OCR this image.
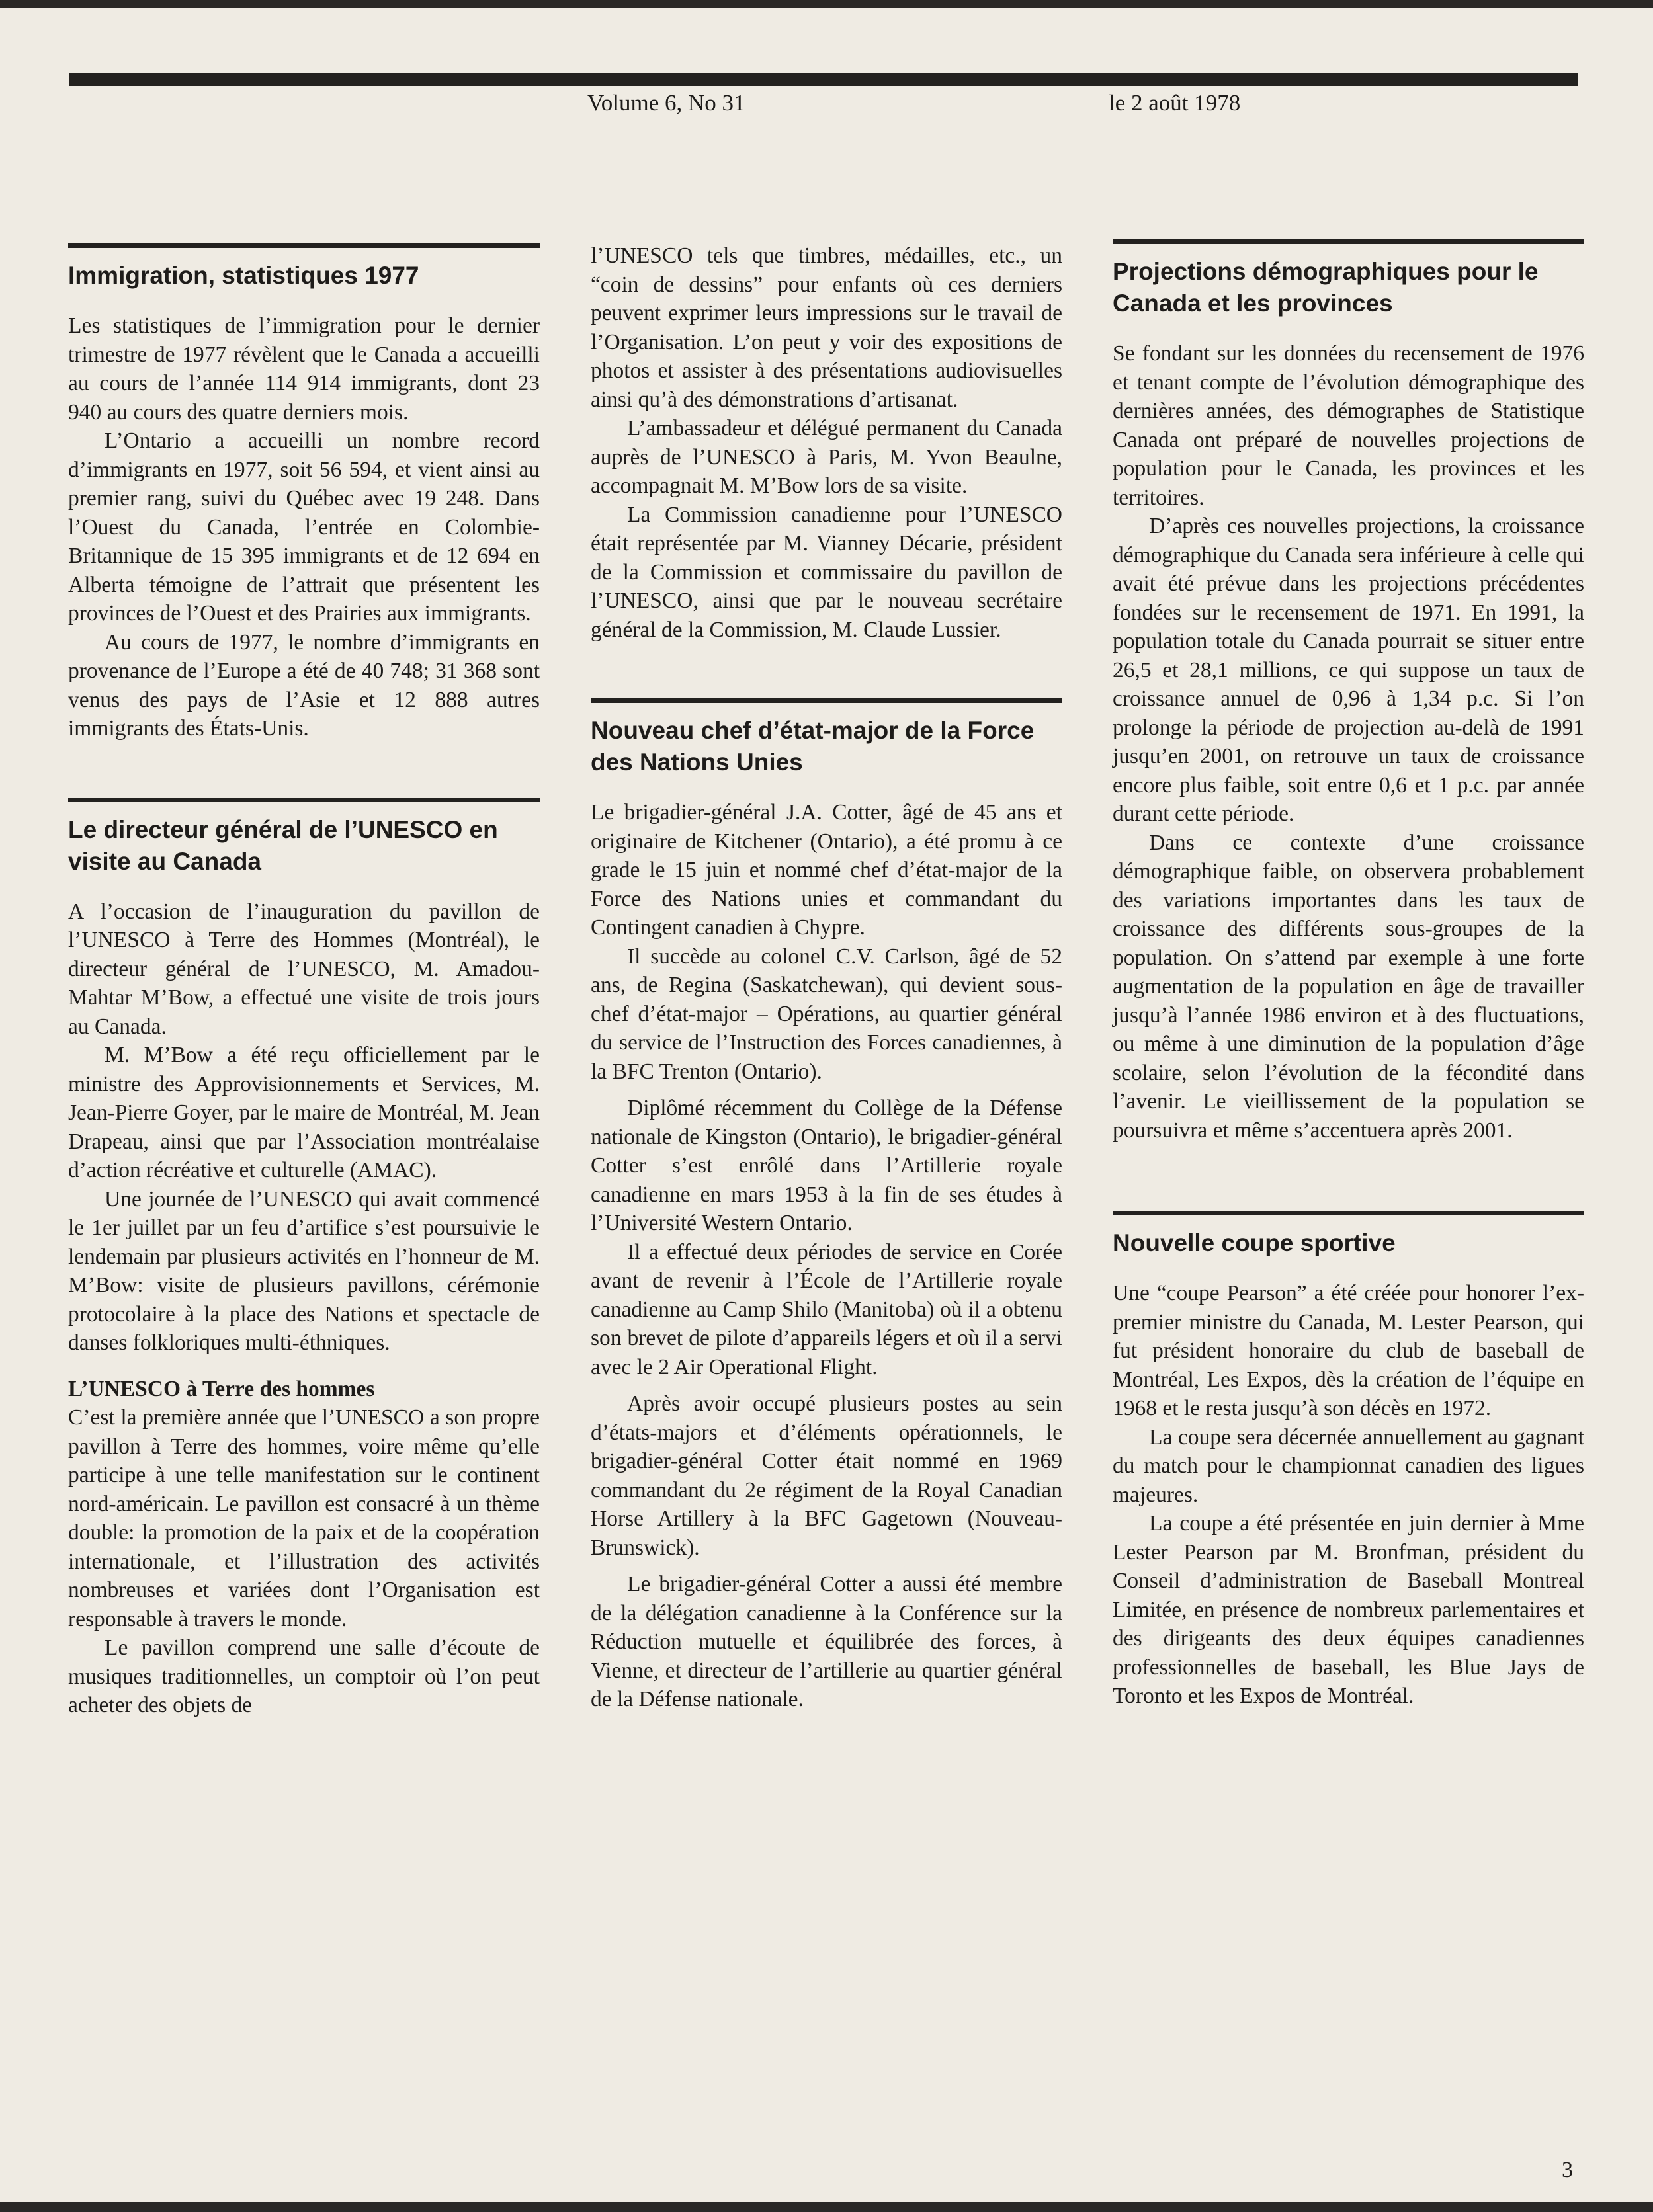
Volume 6, No 31	le 2 août 1978
Immigration, statistiques 1977

Les statistiques de l’immigration pour le dernier trimestre de 1977 révèlent que le Canada a accueilli au cours de l’année 114 914 immigrants, dont 23 940 au cours des quatre derniers mois.

L’Ontario a accueilli un nombre record d’immigrants en 1977, soit 56 594, et vient ainsi au premier rang, suivi du Québec avec 19 248. Dans l’Ouest du Canada, l’entrée en Colombie-Britannique de 15 395 immigrants et de 12 694 en Alberta témoigne de l’attrait que présentent les provinces de l’Ouest et des Prairies aux immigrants.

Au cours de 1977, le nombre d’immigrants en provenance de l’Europe a été de 40 748; 31 368 sont venus des pays de l’Asie et 12 888 autres immigrants des États-Unis.

Le directeur général de l’UNESCO en visite au Canada

A l’occasion de l’inauguration du pavillon de l’UNESCO à Terre des Hommes (Montréal), le directeur général de l’UNESCO, M. Amadou-Mahtar M’Bow, a effectué une visite de trois jours au Canada.

M. M’Bow a été reçu officiellement par le ministre des Approvisionnements et Services, M. Jean-Pierre Goyer, par le maire de Montréal, M. Jean Drapeau, ainsi que par l’Association montréalaise d’action récréative et culturelle (AMAC).

Une journée de l’UNESCO qui avait commencé le 1er juillet par un feu d’artifice s’est poursuivie le lendemain par plusieurs activités en l’honneur de M. M’Bow: visite de plusieurs pavillons, cérémonie protocolaire à la place des Nations et spectacle de danses folkloriques multi-éthniques.

L’UNESCO à Terre des hommes

C’est la première année que l’UNESCO a son propre pavillon à Terre des hommes, voire même qu’elle participe à une telle manifestation sur le continent nord-américain. Le pavillon est consacré à un thème double: la promotion de la paix et de la coopération internationale, et l’illustration des activités nombreuses et variées dont l’Organisation est responsable à travers le monde.

Le pavillon comprend une salle d’écoute de musiques traditionnelles, un comptoir où l’on peut acheter des objets de

l’UNESCO tels que timbres, médailles, etc., un “coin de dessins” pour enfants où ces derniers peuvent exprimer leurs impressions sur le travail de l’Organisation. L’on peut y voir des expositions de photos et assister à des présentations audiovisuelles ainsi qu’à des démonstrations d’artisanat.

L’ambassadeur et délégué permanent du Canada auprès de l’UNESCO à Paris, M. Yvon Beaulne, accompagnait M. M’Bow lors de sa visite.

La Commission canadienne pour l’UNESCO était représentée par M. Vianney Décarie, président de la Commission et commissaire du pavillon de l’UNESCO, ainsi que par le nouveau secrétaire général de la Commission, M. Claude Lussier.

Nouveau chef d’état-major de la Force des Nations Unies

Le brigadier-général J.A. Cotter, âgé de 45 ans et originaire de Kitchener (Ontario), a été promu à ce grade le 15 juin et nommé chef d’état-major de la Force des Nations unies et commandant du Contingent canadien à Chypre.

Il succède au colonel C.V. Carlson, âgé de 52 ans, de Regina (Saskatchewan), qui devient sous-chef d’état-major – Opérations, au quartier général du service de l’Instruction des Forces canadiennes, à la BFC Trenton (Ontario).

Diplômé récemment du Collège de la Défense nationale de Kingston (Ontario), le brigadier-général Cotter s’est enrôlé dans l’Artillerie royale canadienne en mars 1953 à la fin de ses études à l’Université Western Ontario.

Il a effectué deux périodes de service en Corée avant de revenir à l’École de l’Artillerie royale canadienne au Camp Shilo (Manitoba) où il a obtenu son brevet de pilote d’appareils légers et où il a servi avec le 2 Air Operational Flight.

Après avoir occupé plusieurs postes au sein d’états-majors et d’éléments opérationnels, le brigadier-général Cotter était nommé en 1969 commandant du 2e régiment de la Royal Canadian Horse Artillery à la BFC Gagetown (Nouveau-Brunswick).

Le brigadier-général Cotter a aussi été membre de la délégation canadienne à la Conférence sur la Réduction mutuelle et équilibrée des forces, à Vienne, et directeur de l’artillerie au quartier général de la Défense nationale.

Projections démographiques pour le Canada et les provinces

Se fondant sur les données du recensement de 1976 et tenant compte de l’évolution démographique des dernières années, des démographes de Statistique Canada ont préparé de nouvelles projections de population pour le Canada, les provinces et les territoires.

D’après ces nouvelles projections, la croissance démographique du Canada sera inférieure à celle qui avait été prévue dans les projections précédentes fondées sur le recensement de 1971. En 1991, la population totale du Canada pourrait se situer entre 26,5 et 28,1 millions, ce qui suppose un taux de croissance annuel de 0,96 à 1,34 p.c. Si l’on prolonge la période de projection au-delà de 1991 jusqu’en 2001, on retrouve un taux de croissance encore plus faible, soit entre 0,6 et 1 p.c. par année durant cette période.

Dans ce contexte d’une croissance démographique faible, on observera probablement des variations importantes dans les taux de croissance des différents sous-groupes de la population. On s’attend par exemple à une forte augmentation de la population en âge de travailler jusqu’à l’année 1986 environ et à des fluctuations, ou même à une diminution de la population d’âge scolaire, selon l’évolution de la fécondité dans l’avenir. Le vieillissement de la population se poursuivra et même s’accentuera après 2001.

Nouvelle coupe sportive

Une “coupe Pearson” a été créée pour honorer l’ex-premier ministre du Canada, M. Lester Pearson, qui fut président honoraire du club de baseball de Montréal, Les Expos, dès la création de l’équipe en 1968 et le resta jusqu’à son décès en 1972.

La coupe sera décernée annuellement au gagnant du match pour le championnat canadien des ligues majeures.

La coupe a été présentée en juin dernier à Mme Lester Pearson par M. Bronfman, président du Conseil d’administration de Baseball Montreal Limitée, en présence de nombreux parlementaires et des dirigeants des deux équipes canadiennes professionnelles de baseball, les Blue Jays de Toronto et les Expos de Montréal.

3
